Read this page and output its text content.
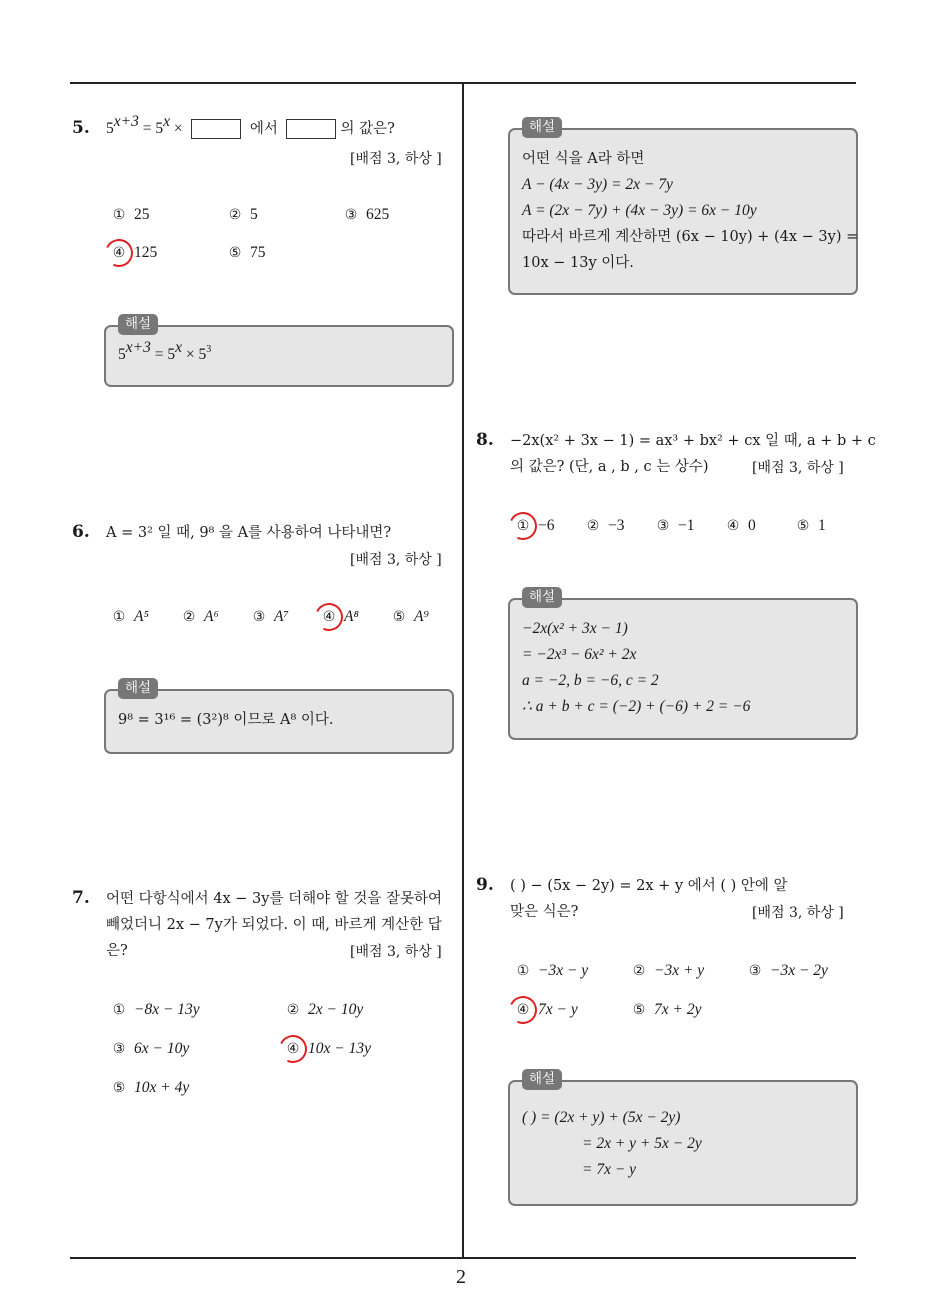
2
5. $5^{x+3} = 5^x$ ×	에서	의 값은?
[배점 3, 하상 ]
① 25	② 5	③ 625
④ 125	⑤ 75
해설
$5^{x+3} = 5^x \times 5^3$
6. A = 3² 일 때, 9⁸ 을 A를 사용하여 나타내면?
[배점 3, 하상 ]
① A⁵ ② A⁶ ③ A⁷ ④ A⁸ ⑤ A⁹
해설
9⁸ = 3¹⁶ = (3²)⁸ 이므로 A⁸ 이다.
7. 어떤 다항식에서 4x − 3y를 더해야 할 것을 잘못하여
빼었더니 2x − 7y가 되었다. 이 때, 바르게 계산한 답
은?	[배점 3, 하상 ]
① −8x − 13y	② 2x − 10y
③ 6x − 10y	④ 10x − 13y
⑤ 10x + 4y
해설
어떤 식을 A라 하면
A − (4x − 3y) = 2x − 7y
A = (2x − 7y) + (4x − 3y) = 6x − 10y
따라서 바르게 계산하면 (6x − 10y) + (4x − 3y) =
10x − 13y 이다.
8. −2x(x² + 3x − 1) = ax³ + bx² + cx 일 때, a + b + c
의 값은? (단, a , b , c 는 상수)	[배점 3, 하상 ]
① −6 ② −3 ③ −1 ④ 0	⑤ 1
해설
−2x(x² + 3x − 1)
= −2x³ − 6x² + 2x
a = −2, b = −6, c = 2
∴ a + b + c = (−2) + (−6) + 2 = −6
9. ( ) − (5x − 2y) = 2x + y 에서 ( ) 안에 알
맞은 식은?	[배점 3, 하상 ]
① −3x − y	② −3x + y	③ −3x − 2y
④ 7x − y	⑤ 7x + 2y
해설
( ) = (2x + y) + (5x − 2y)
= 2x + y + 5x − 2y
= 7x − y
